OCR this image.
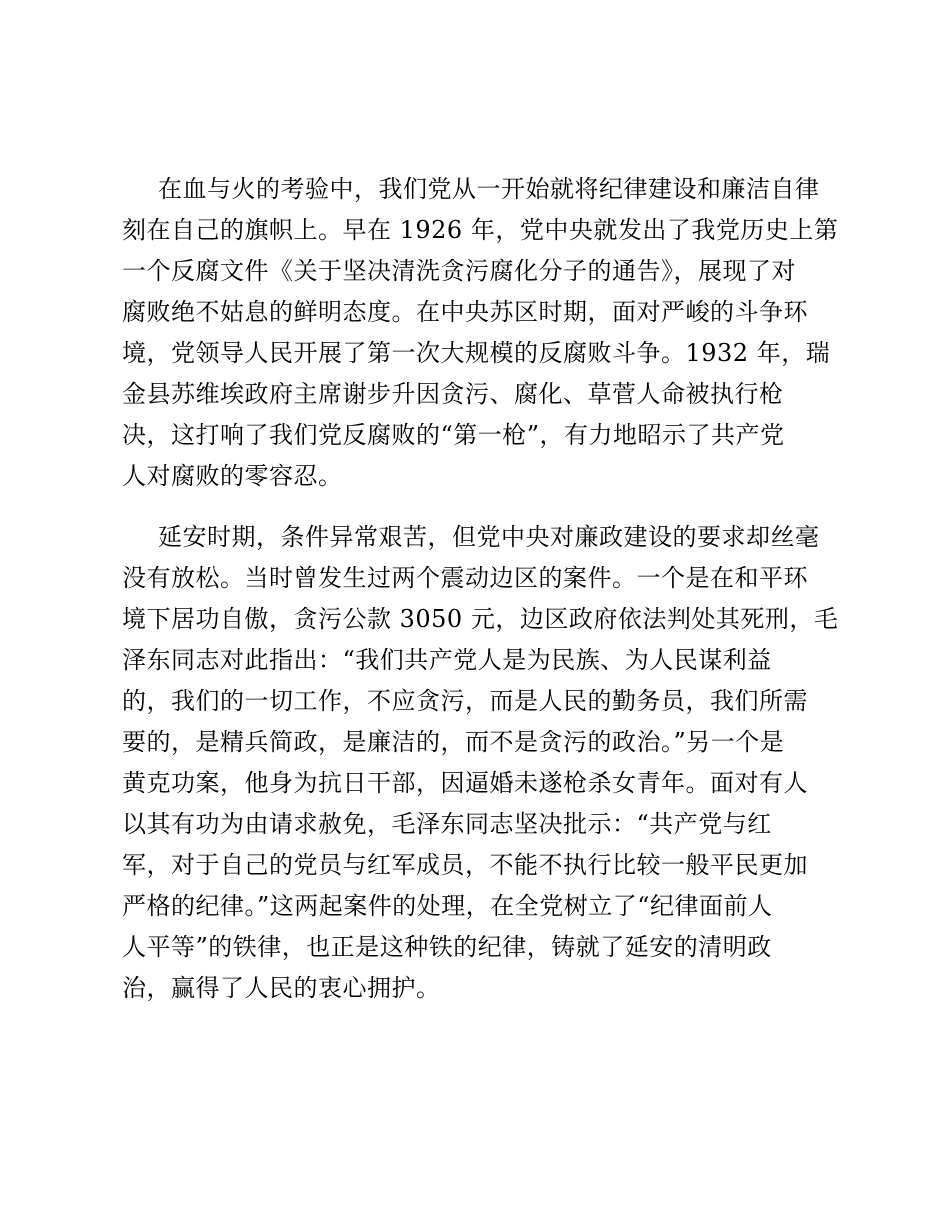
在血与火的考验中，我们党从一开始就将纪律建设和廉洁自律
刻在自己的旗帜上。早在 1926 年，党中央就发出了我党历史上第
一个反腐文件《关于坚决清洗贪污腐化分子的通告》，展现了对
腐败绝不姑息的鲜明态度。在中央苏区时期，面对严峻的斗争环
境，党领导人民开展了第一次大规模的反腐败斗争。1932 年，瑞
金县苏维埃政府主席谢步升因贪污、腐化、草菅人命被执行枪
决，这打响了我们党反腐败的“第一枪”，有力地昭示了共产党
人对腐败的零容忍。
延安时期，条件异常艰苦，但党中央对廉政建设的要求却丝毫
没有放松。当时曾发生过两个震动边区的案件。一个是在和平环
境下居功自傲，贪污公款 3050 元，边区政府依法判处其死刑，毛
泽东同志对此指出：“我们共产党人是为民族、为人民谋利益
的，我们的一切工作，不应贪污，而是人民的勤务员，我们所需
要的，是精兵简政，是廉洁的，而不是贪污的政治。”另一个是
黄克功案，他身为抗日干部，因逼婚未遂枪杀女青年。面对有人
以其有功为由请求赦免，毛泽东同志坚决批示：“共产党与红
军，对于自己的党员与红军成员，不能不执行比较一般平民更加
严格的纪律。”这两起案件的处理，在全党树立了“纪律面前人
人平等”的铁律，也正是这种铁的纪律，铸就了延安的清明政
治，赢得了人民的衷心拥护。
